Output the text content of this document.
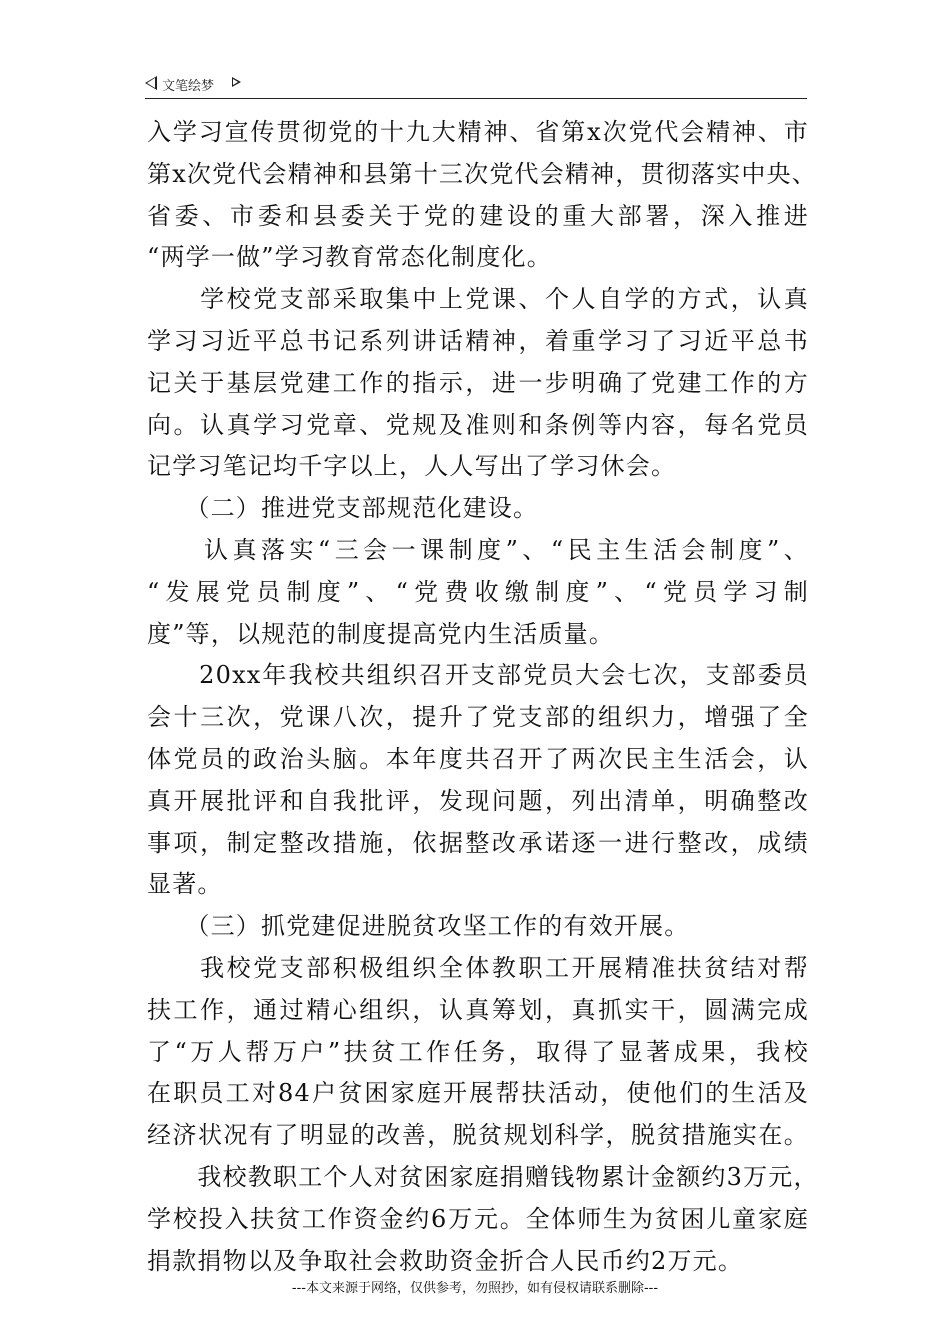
文笔绘梦
入学习宣传贯彻党的十九大精神、省第x次党代会精神、市
第x次党代会精神和县第十三次党代会精神，贯彻落实中央、
省委、市委和县委关于党的建设的重大部署，深入推进
“两学一做”学习教育常态化制度化。
　　学校党支部采取集中上党课、个人自学的方式，认真
学习习近平总书记系列讲话精神，着重学习了习近平总书
记关于基层党建工作的指示，进一步明确了党建工作的方
向。认真学习党章、党规及准则和条例等内容，每名党员
记学习笔记均千字以上，人人写出了学习休会。
　　（二）推进党支部规范化建设。
　　认真落实“三会一课制度”、“民主生活会制度”、
“发展党员制度”、“党费收缴制度”、“党员学习制
度”等，以规范的制度提高党内生活质量。
　　20xx年我校共组织召开支部党员大会七次，支部委员
会十三次，党课八次，提升了党支部的组织力，增强了全
体党员的政治头脑。本年度共召开了两次民主生活会，认
真开展批评和自我批评，发现问题，列出清单，明确整改
事项，制定整改措施，依据整改承诺逐一进行整改，成绩
显著。
　　（三）抓党建促进脱贫攻坚工作的有效开展。
　　我校党支部积极组织全体教职工开展精准扶贫结对帮
扶工作，通过精心组织，认真筹划，真抓实干，圆满完成
了“万人帮万户”扶贫工作任务，取得了显著成果，我校
在职员工对84户贫困家庭开展帮扶活动，使他们的生活及
经济状况有了明显的改善，脱贫规划科学，脱贫措施实在。
　　我校教职工个人对贫困家庭捐赠钱物累计金额约3万元，
学校投入扶贫工作资金约6万元。全体师生为贫困儿童家庭
捐款捐物以及争取社会救助资金折合人民币约2万元。
---本文来源于网络，仅供参考，勿照抄，如有侵权请联系删除---
